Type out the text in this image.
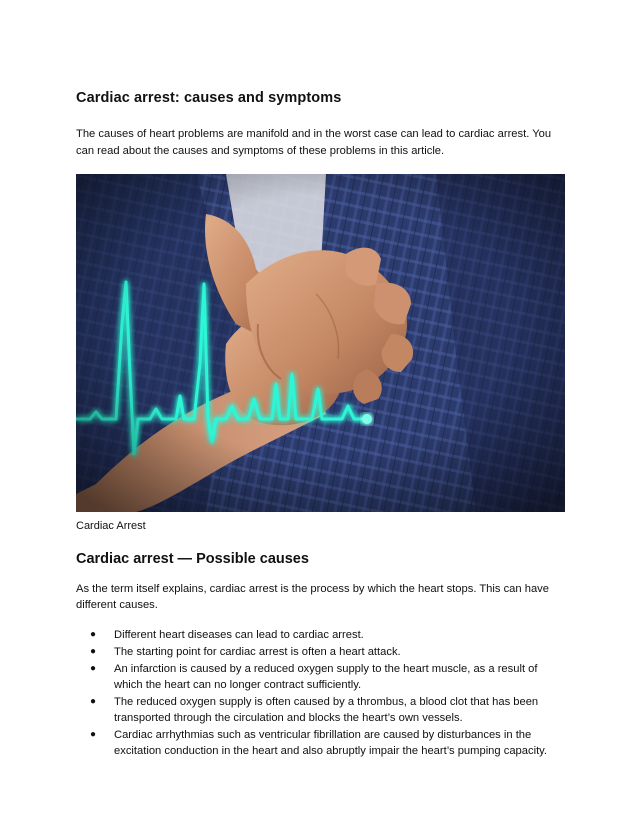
Cardiac arrest: causes and symptoms

The causes of heart problems are manifold and in the worst case can lead to cardiac arrest. You can read about the causes and symptoms of these problems in this article.

Cardiac Arrest

Cardiac arrest — Possible causes

As the term itself explains, cardiac arrest is the process by which the heart stops. This can have different causes.

● Different heart diseases can lead to cardiac arrest.
● The starting point for cardiac arrest is often a heart attack.
● An infarction is caused by a reduced oxygen supply to the heart muscle, as a result of which the heart can no longer contract sufficiently.
● The reduced oxygen supply is often caused by a thrombus, a blood clot that has been transported through the circulation and blocks the heart’s own vessels.
● Cardiac arrhythmias such as ventricular fibrillation are caused by disturbances in the excitation conduction in the heart and also abruptly impair the heart’s pumping capacity.
